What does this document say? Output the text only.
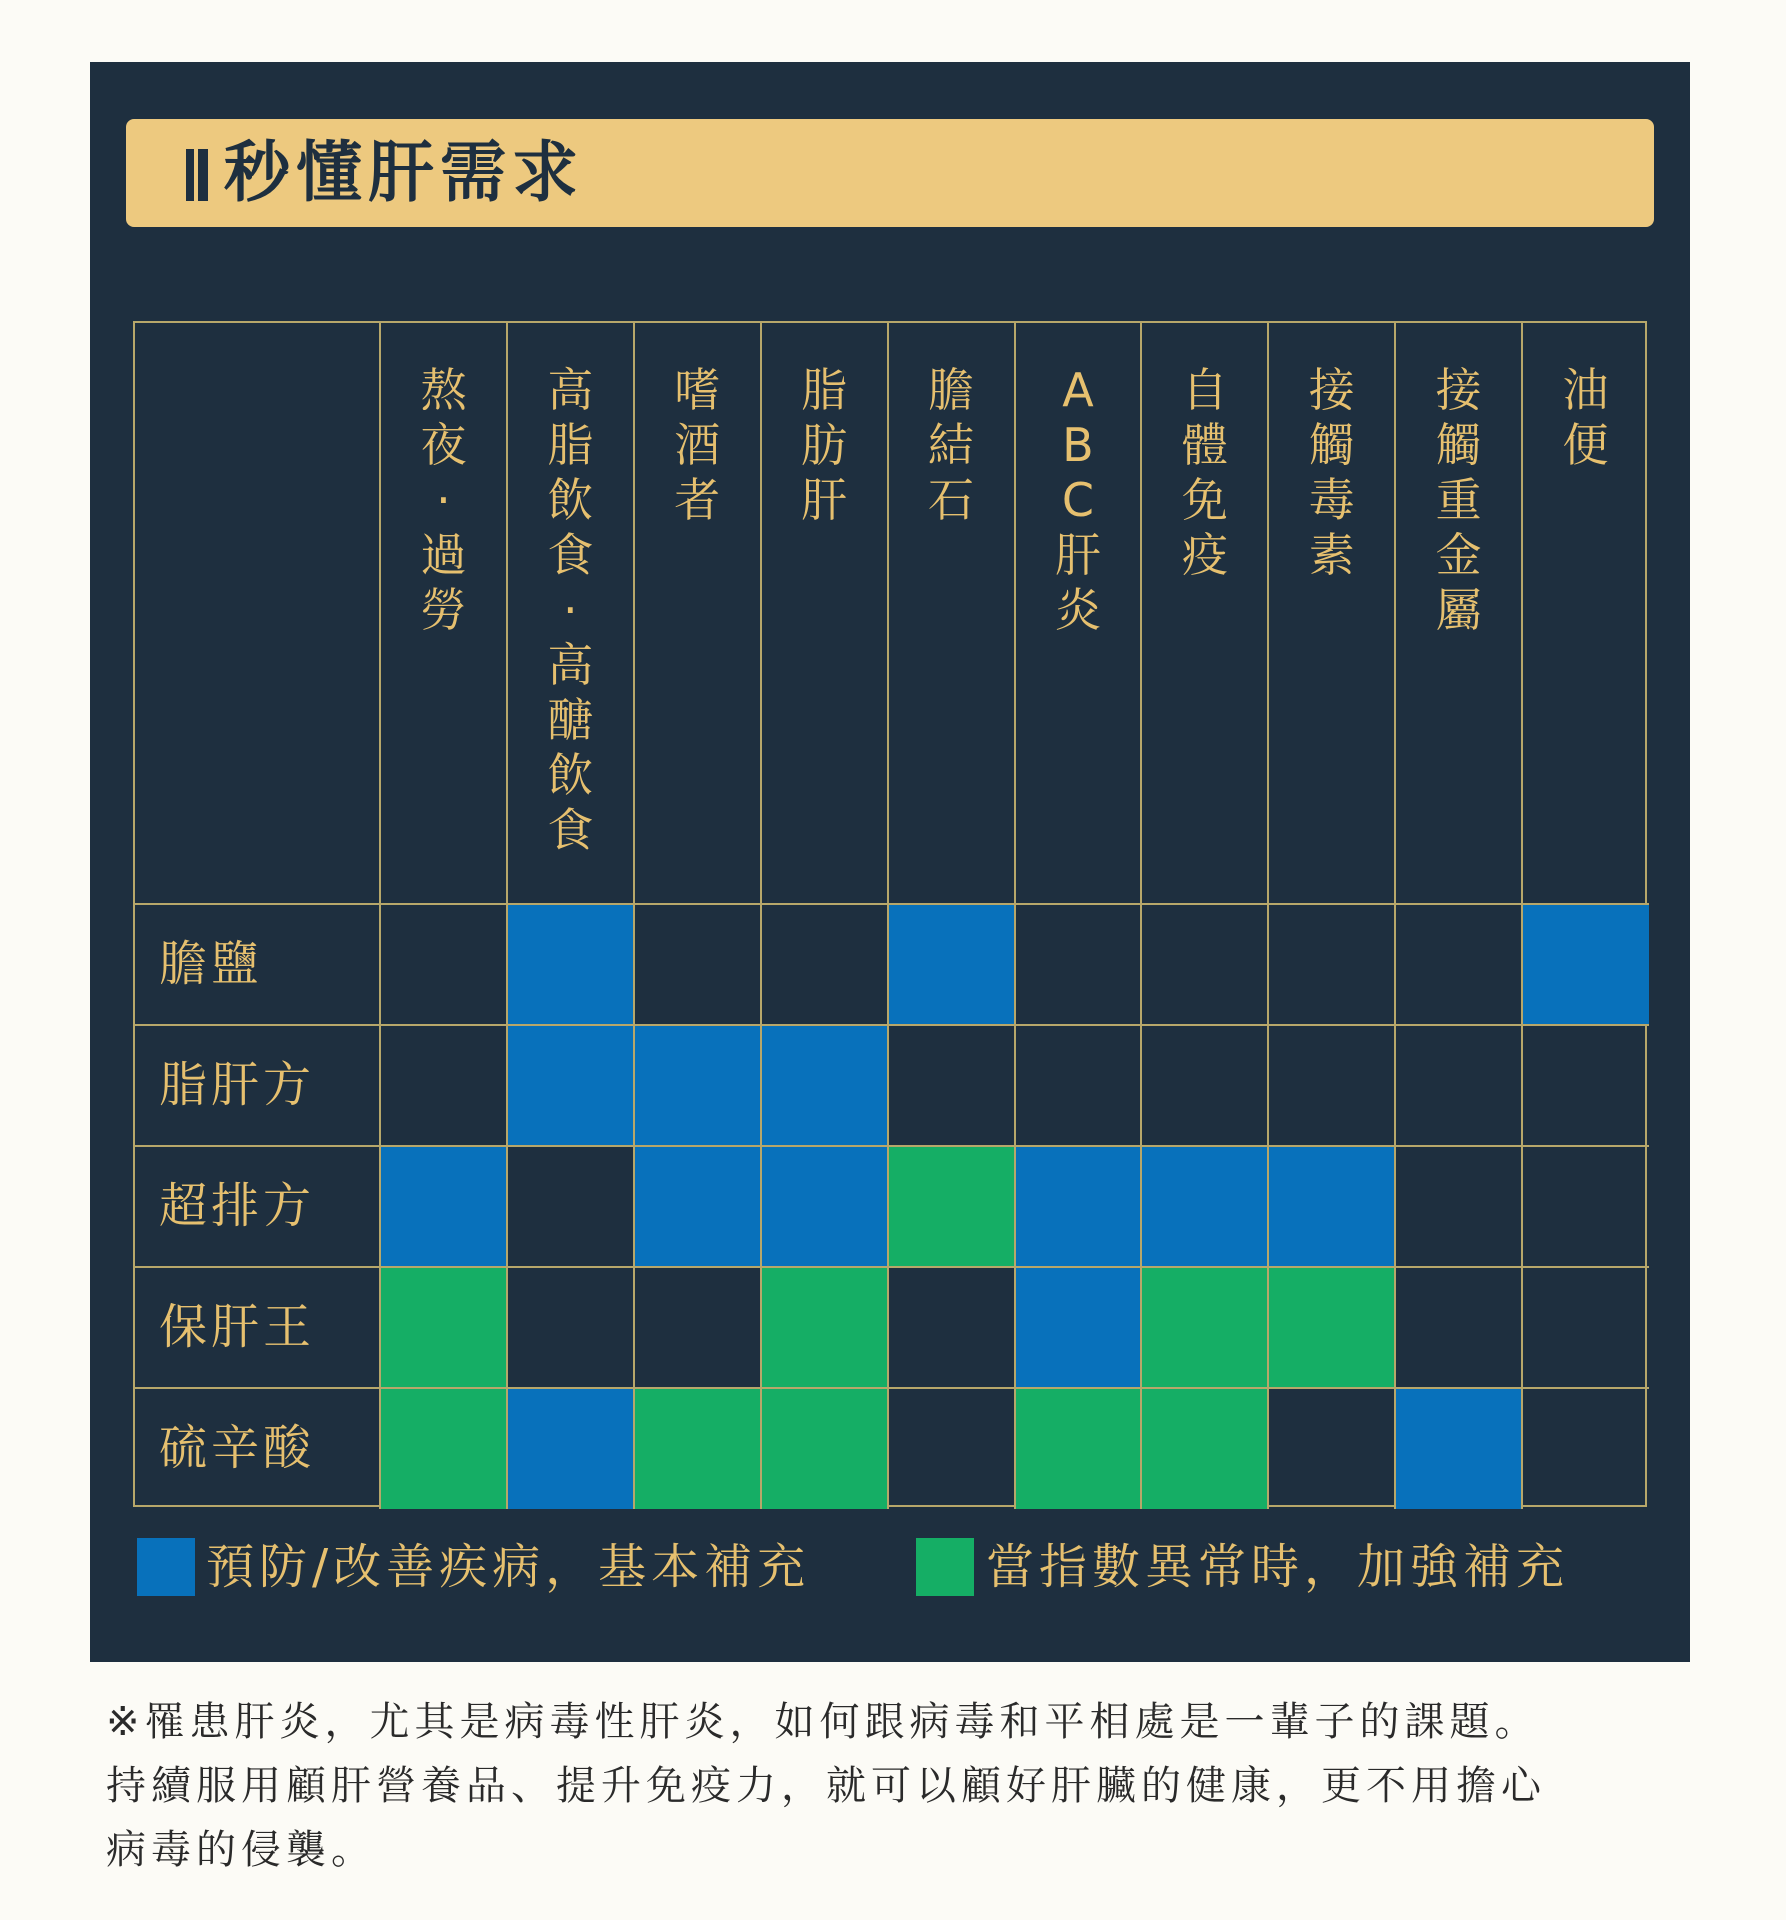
秒懂肝需求
熬
夜
·
過
勞
高
脂
飲
食
·
高
醣
飲
食
嗜
酒
者
脂
肪
肝
膽
結
石
A
B
C
肝
炎
自
體
免
疫
接
觸
毒
素
接
觸
重
金
屬
油
便
膽鹽
脂肝方
超排方
保肝王
硫辛酸
預防/改善疾病，基本補充	當指數異常時，加強補充

※罹患肝炎，尤其是病毒性肝炎，如何跟病毒和平相處是一輩子的課題。

持續服用顧肝營養品、提升免疫力，就可以顧好肝臟的健康，更不用擔心

病毒的侵襲。
